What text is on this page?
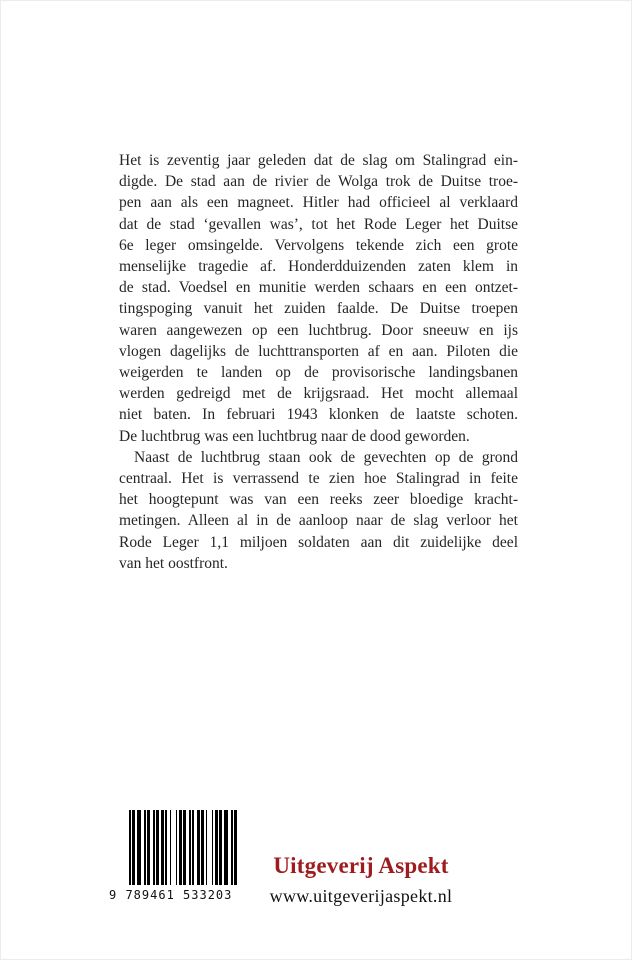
Het is zeventig jaar geleden dat de slag om Stalingrad ein-
digde. De stad aan de rivier de Wolga trok de Duitse troe-
pen aan als een magneet. Hitler had officieel al verklaard
dat de stad ‘gevallen was’, tot het Rode Leger het Duitse
6e leger omsingelde. Vervolgens tekende zich een grote
menselijke tragedie af. Honderdduizenden zaten klem in
de stad. Voedsel en munitie werden schaars en een ontzet-
tingspoging vanuit het zuiden faalde. De Duitse troepen
waren aangewezen op een luchtbrug. Door sneeuw en ijs
vlogen dagelijks de luchttransporten af en aan. Piloten die
weigerden te landen op de provisorische landingsbanen
werden gedreigd met de krijgsraad. Het mocht allemaal
niet baten. In februari 1943 klonken de laatste schoten.
De luchtbrug was een luchtbrug naar de dood geworden.
Naast de luchtbrug staan ook de gevechten op de grond
centraal. Het is verrassend te zien hoe Stalingrad in feite
het hoogtepunt was van een reeks zeer bloedige kracht-
metingen. Alleen al in de aanloop naar de slag verloor het
Rode Leger 1,1 miljoen soldaten aan dit zuidelijke deel
van het oostfront.
9 789461 533203
Uitgeverij Aspekt
www.uitgeverijaspekt.nl
